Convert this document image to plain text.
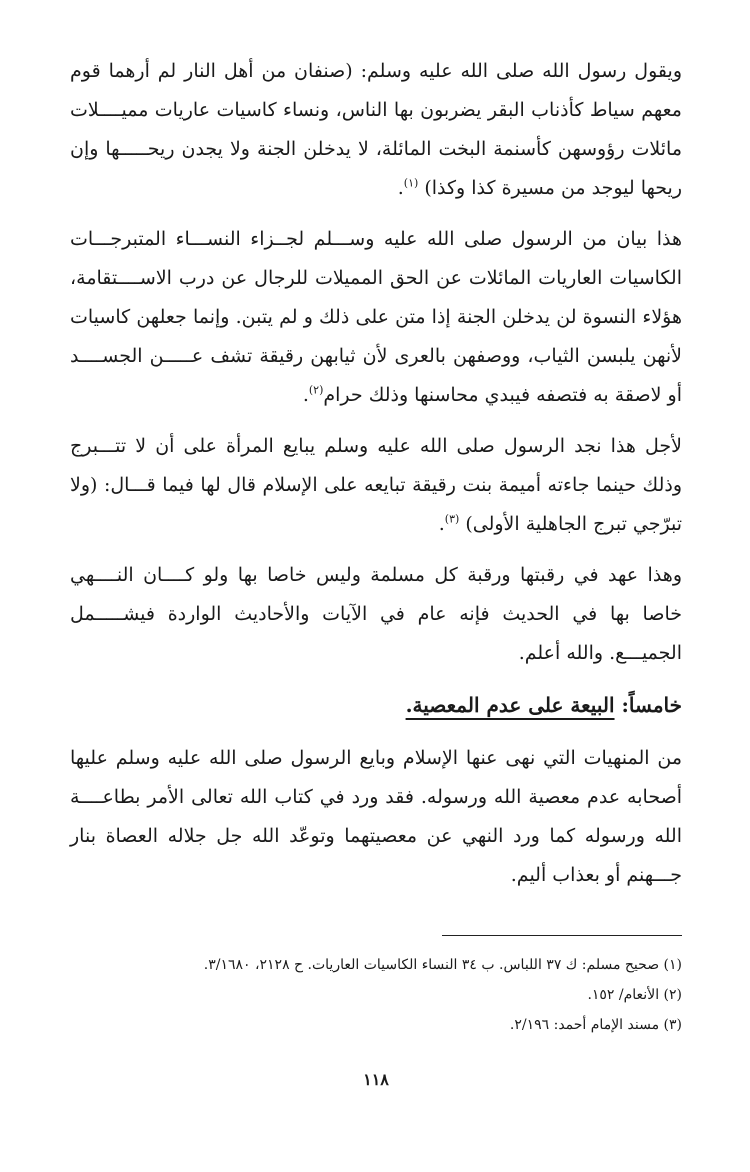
ويقول رسول الله صلى الله عليه وسلم: (صنفان من أهل النار لم أرهما قوم معهم سياط كأذناب البقر يضربون بها الناس، ونساء كاسيات عاريات مميــــلات مائلات رؤوسهن كأسنمة البخت المائلة، لا يدخلن الجنة ولا يجدن ريحـــــها وإن ريحها ليوجد من مسيرة كذا وكذا) $^{(١)}$.

هذا بيان من الرسول صلى الله عليه وســـلم لجــزاء النســـاء المتبرجـــات الكاسيات العاريات المائلات عن الحق المميلات للرجال عن درب الاســــتقامة، هؤلاء النسوة لن يدخلن الجنة إذا متن على ذلك و لم يتبن. وإنما جعلهن كاسيات لأنهن يلبسن الثياب، ووصفهن بالعرى لأن ثيابهن رقيقة تشف عـــــن الجســــد أو لاصقة به فتصفه فيبدي محاسنها وذلك حرام$^{(٢)}$.

لأجل هذا نجد الرسول صلى الله عليه وسلم يبايع المرأة على أن لا تتـــبرج وذلك حينما جاءته أميمة بنت رقيقة تبايعه على الإسلام قال لها فيما قـــال: (ولا تبرّجي تبرج الجاهلية الأولى) $^{(٣)}$.

وهذا عهد في رقبتها ورقبة كل مسلمة وليس خاصا بها ولو كــــان النــــهي خاصا بها في الحديث فإنه عام في الآيات والأحاديث الواردة فيشـــــمل الجميـــع. والله أعلم.

خامساً: البيعة على عدم المعصية.

من المنهيات التي نهى عنها الإسلام وبايع الرسول صلى الله عليه وسلم عليها أصحابه عدم معصية الله ورسوله. فقد ورد في كتاب الله تعالى الأمر بطاعــــة الله ورسوله كما ورد النهي عن معصيتهما وتوعّد الله جل جلاله العصاة بنار جـــهنم أو بعذاب أليم.

(١) صحيح مسلم: ك ٣٧ اللباس. ب ٣٤ النساء الكاسيات العاريات. ح ٢١٢٨، ٣/١٦٨٠.

(٢) الأنعام/ ١٥٢.

(٣) مسند الإمام أحمد: ٢/١٩٦.

١١٨
